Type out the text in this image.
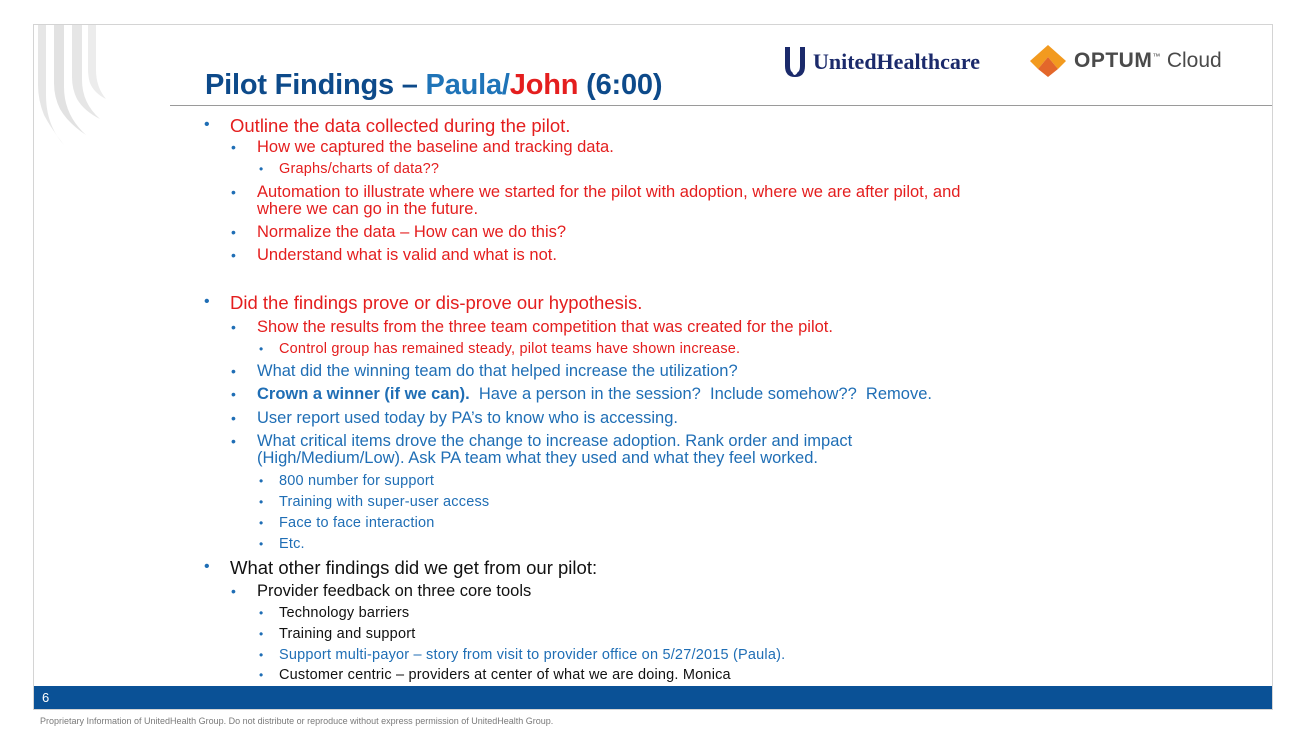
UnitedHealthcare	OPTUM™ Cloud
Pilot Findings – Paula/John (6:00)
• Outline the data collected during the pilot.
• How we captured the baseline and tracking data.
• Graphs/charts of data??
• Automation to illustrate where we started for the pilot with adoption, where we are after pilot, and
where we can go in the future.
• Normalize the data – How can we do this?
• Understand what is valid and what is not.
• Did the findings prove or dis-prove our hypothesis.
• Show the results from the three team competition that was created for the pilot.
• Control group has remained steady, pilot teams have shown increase.
• What did the winning team do that helped increase the utilization?
• Crown a winner (if we can).  Have a person in the session?  Include somehow??  Remove.
• User report used today by PA’s to know who is accessing.
• What critical items drove the change to increase adoption. Rank order and impact
(High/Medium/Low). Ask PA team what they used and what they feel worked.
• 800 number for support
• Training with super-user access
• Face to face interaction
• Etc.
• What other findings did we get from our pilot:
• Provider feedback on three core tools
• Technology barriers
• Training and support
• Support multi-payor – story from visit to provider office on 5/27/2015 (Paula).
• Customer centric – providers at center of what we are doing. Monica
6
Proprietary Information of UnitedHealth Group. Do not distribute or reproduce without express permission of UnitedHealth Group.
